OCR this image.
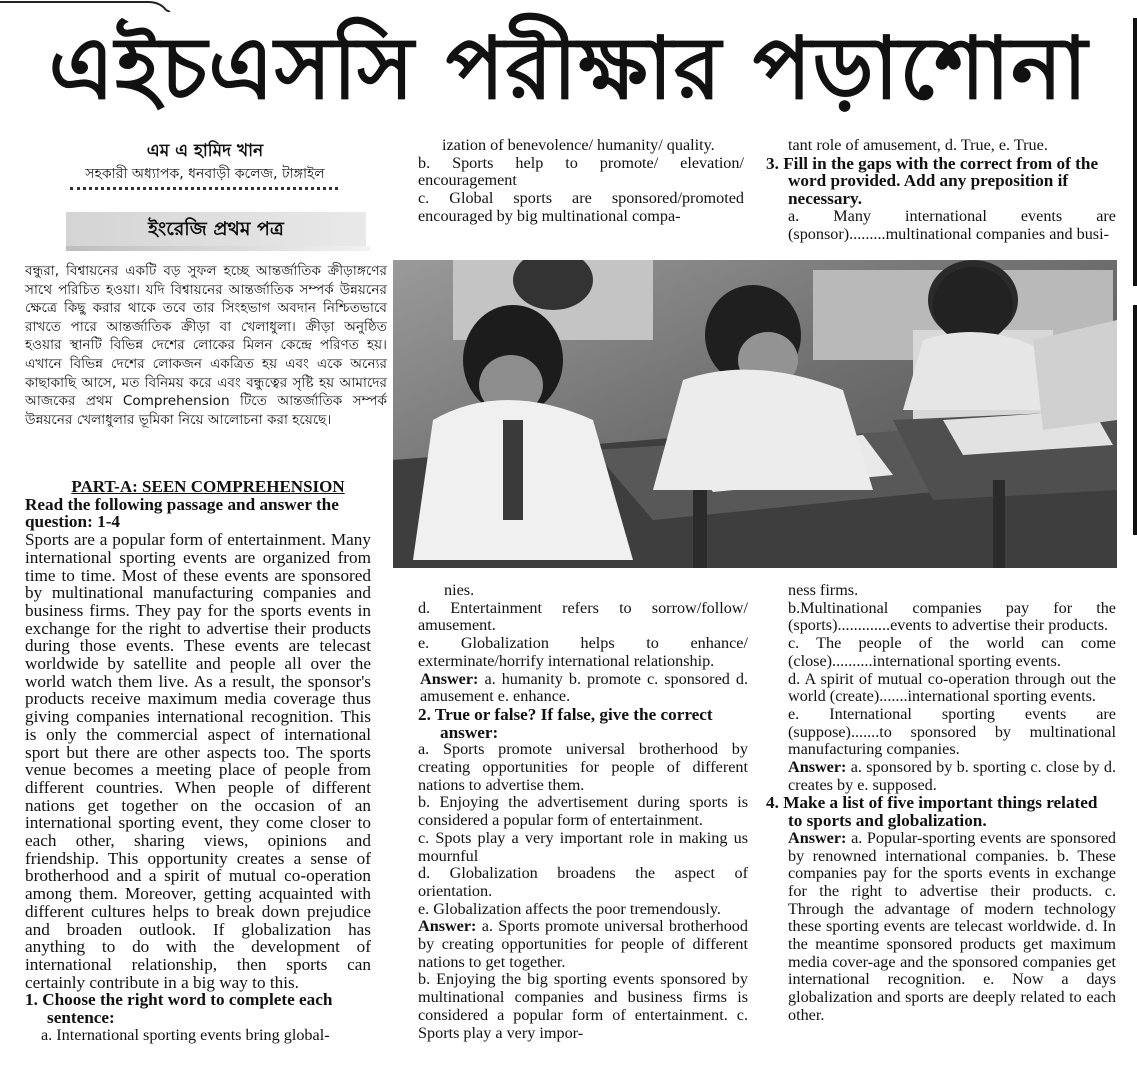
এইচএসসি পরীক্ষার পড়াশোনা
এম এ হামিদ খান
সহকারী অধ্যাপক, ধনবাড়ী কলেজ, টাঙ্গাইল
ইংরেজি প্রথম পত্র
বন্ধুরা, বিশ্বায়নের একটি বড় সুফল হচ্ছে আন্তর্জাতিক ক্রীড়াঙ্গণের সাথে পরিচিত হওয়া। যদি বিশ্বায়নের আন্তর্জাতিক সম্পর্ক উন্নয়নের ক্ষেত্রে কিছু করার থাকে তবে তার সিংহভাগ অবদান নিশ্চিতভাবে রাখতে পারে আন্তর্জাতিক ক্রীড়া বা খেলাধুলা। ক্রীড়া অনুষ্ঠিত হওয়ার স্থানটি বিভিন্ন দেশের লোকের মিলন কেন্দ্রে পরিণত হয়। এখানে বিভিন্ন দেশের লোকজন একত্রিত হয় এবং একে অন্যের কাছাকাছি আসে, মত বিনিময় করে এবং বন্ধুত্বের সৃষ্টি হয় আমাদের আজকের প্রথম Comprehension টিতে আন্তর্জাতিক সম্পর্ক উন্নয়নের খেলাধুলার ভূমিকা নিয়ে আলোচনা করা হয়েছে।

PART-A: SEEN COMPREHENSION

Read the following passage and answer the question: 1-4

Sports are a popular form of entertainment. Many international sporting events are organized from time to time. Most of these events are sponsored by multinational manufacturing companies and business firms. They pay for the sports events in exchange for the right to advertise their products during those events. These events are telecast worldwide by satellite and people all over the world watch them live. As a result, the sponsor's products receive maximum media coverage thus giving companies international recognition. This is only the commercial aspect of international sport but there are other aspects too. The sports venue becomes a meeting place of people from different countries. When people of different nations get together on the occasion of an international sporting event, they come closer to each other, sharing views, opinions and friendship. This opportunity creates a sense of brotherhood and a spirit of mutual co-operation among them. Moreover, getting acquainted with different cultures helps to break down prejudice and broaden outlook. If globalization has anything to do with the development of international relationship, then sports can certainly contribute in a big way to this.

1. Choose the right word to complete each sentence:

a. International sporting events bring global-

ization of benevolence/ humanity/ quality.

b. Sports help to promote/ elevation/ encouragement

c. Global sports are sponsored/promoted encouraged by big multinational compa-

tant role of amusement, d. True, e. True.

3. Fill in the gaps with the correct from of the word provided. Add any preposition if necessary.

a. Many international events are (sponsor).........multinational companies and busi-

nies.

d. Entertainment refers to sorrow/follow/ amusement.

e. Globalization helps to enhance/ exterminate/horrify international relationship.

Answer: a. humanity b. promote c. sponsored d. amusement e. enhance.

2. True or false? If false, give the correct answer:

a. Sports promote universal brotherhood by creating opportunities for people of different nations to advertise them.

b. Enjoying the advertisement during sports is considered a popular form of entertainment.

c. Spots play a very important role in making us mournful

d. Globalization broadens the aspect of orientation.

e. Globalization affects the poor tremendously.

Answer: a. Sports promote universal brotherhood by creating opportunities for people of different nations to get together.

b. Enjoying the big sporting events sponsored by multinational companies and business firms is considered a popular form of entertainment. c. Sports play a very impor-

ness firms.

b.Multinational companies pay for the (sports).............events to advertise their products.

c. The people of the world can come (close)..........international sporting events.

d. A spirit of mutual co-operation through out the world (create).......international sporting events.

e. International sporting events are (suppose).......to sponsored by multinational manufacturing companies.

Answer: a. sponsored by b. sporting c. close by d. creates by e. supposed.

4. Make a list of five important things related to sports and globalization.

Answer: a. Popular-sporting events are sponsored by renowned international companies. b. These companies pay for the sports events in exchange for the right to advertise their products. c. Through the advantage of modern technology these sporting events are telecast worldwide. d. In the meantime sponsored products get maximum media cover-age and the sponsored companies get international recognition. e. Now a days globalization and sports are deeply related to each other.
